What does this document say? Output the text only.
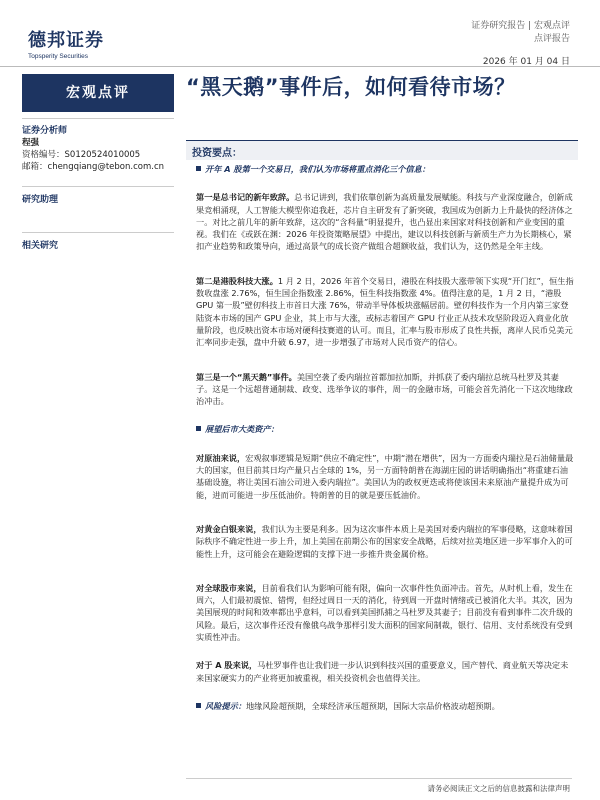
德邦证券
Topsperity Securities
证券研究报告 | 宏观点评
点评报告
2026 年 01 月 04 日
宏观点评
证券分析师
程强
资格编号：S0120524010005
邮箱：chengqiang@tebon.com.cn
研究助理
相关研究
“黑天鹅”事件后，如何看待市场？
投资要点：
开年 A 股第一个交易日，我们认为市场将重点消化三个信息：
第一是总书记的新年致辞。总书记讲到，我们依靠创新为高质量发展赋能。科技与产业深度融合，创新成果竞相涌现，人工智能大模型你追我赶，芯片自主研发有了新突破，我国成为创新力上升最快的经济体之一。对比之前几年的新年致辞，这次的“含科量”明显提升，也凸显出来国家对科技创新和产业变国的重视。我们在《或跃在渊：2026 年投资策略展望》中提出，建议以科技创新与新质生产力为长期核心，紧扣产业趋势和政策导向，通过高景气的成长资产做组合超额收益，我们认为，这仍然是全年主线。
第二是港股科技大涨。1 月 2 日，2026 年首个交易日，港股在科技股大涨带领下实现“开门红”，恒生指数收盘涨 2.76%，恒生国企指数涨 2.86%，恒生科技指数涨 4%。值得注意的是，1 月 2 日，“港股 GPU 第一股”壁仞科技上市首日大涨 76%，带动半导体板块涨幅居前。壁仞科技作为一个月内第三家登陆资本市场的国产 GPU 企业，其上市与大涨，或标志着国产 GPU 行业正从技术攻坚阶段迈入商业化放量阶段，也反映出资本市场对硬科技赛道的认可。而且，汇率与股市形成了良性共振，离岸人民币兑美元汇率同步走强，盘中升破 6.97，进一步增强了市场对人民币资产的信心。
第三是一个“黑天鹅”事件。美国空袭了委内瑞拉首都加拉加斯，并抓获了委内瑞拉总统马杜罗及其妻子。这是一个远超普通制裁、政变、选举争议的事件，周一的金融市场，可能会首先消化一下这次地缘政治冲击。
展望后市大类资产：
对原油来说，宏观叙事逻辑是短期“供应不确定性”，中期“潜在增供”，因为一方面委内瑞拉是石油储量最大的国家，但目前其日均产量只占全球的 1%，另一方面特朗普在海湖庄园的讲话明确指出“将重建石油基础设施，将让美国石油公司进入委内瑞拉”。美国认为的政权更迭或将使该国未来原油产量提升成为可能，进而可能进一步压低油价。特朗普的目的就是要压低油价。
对黄金白银来说，我们认为主要是利多。因为这次事件本质上是美国对委内瑞拉的军事侵略，这意味着国际秩序不确定性进一步上升，加上美国在前期公布的国家安全战略，后续对拉美地区进一步军事介入的可能性上升，这可能会在避险逻辑的支撑下进一步推升贵金属价格。
对全球股市来说，目前看我们认为影响可能有限，偏向一次事件性负面冲击。首先，从时机上看，发生在周六，人们最初震惊、错愕，但经过周日一天的消化，待到周一开盘时情绪或已被消化大半。其次，因为美国展现的时间和效率都出乎意料，可以看到美国抓捕之马杜罗及其妻子；目前没有看到事件二次升级的风险。最后，这次事件还没有像俄乌战争那样引发大面积的国家间制裁，银行、信用、支付系统没有受到实质性冲击。
对于 A 股来说，马杜罗事件也让我们进一步认识到科技兴国的重要意义，国产替代、商业航天等决定未来国家硬实力的产业将更加被重视，相关投资机会也值得关注。
风险提示：地缘风险超预期，全球经济承压超预期，国际大宗品价格波动超预期。
请务必阅读正文之后的信息披露和法律声明
